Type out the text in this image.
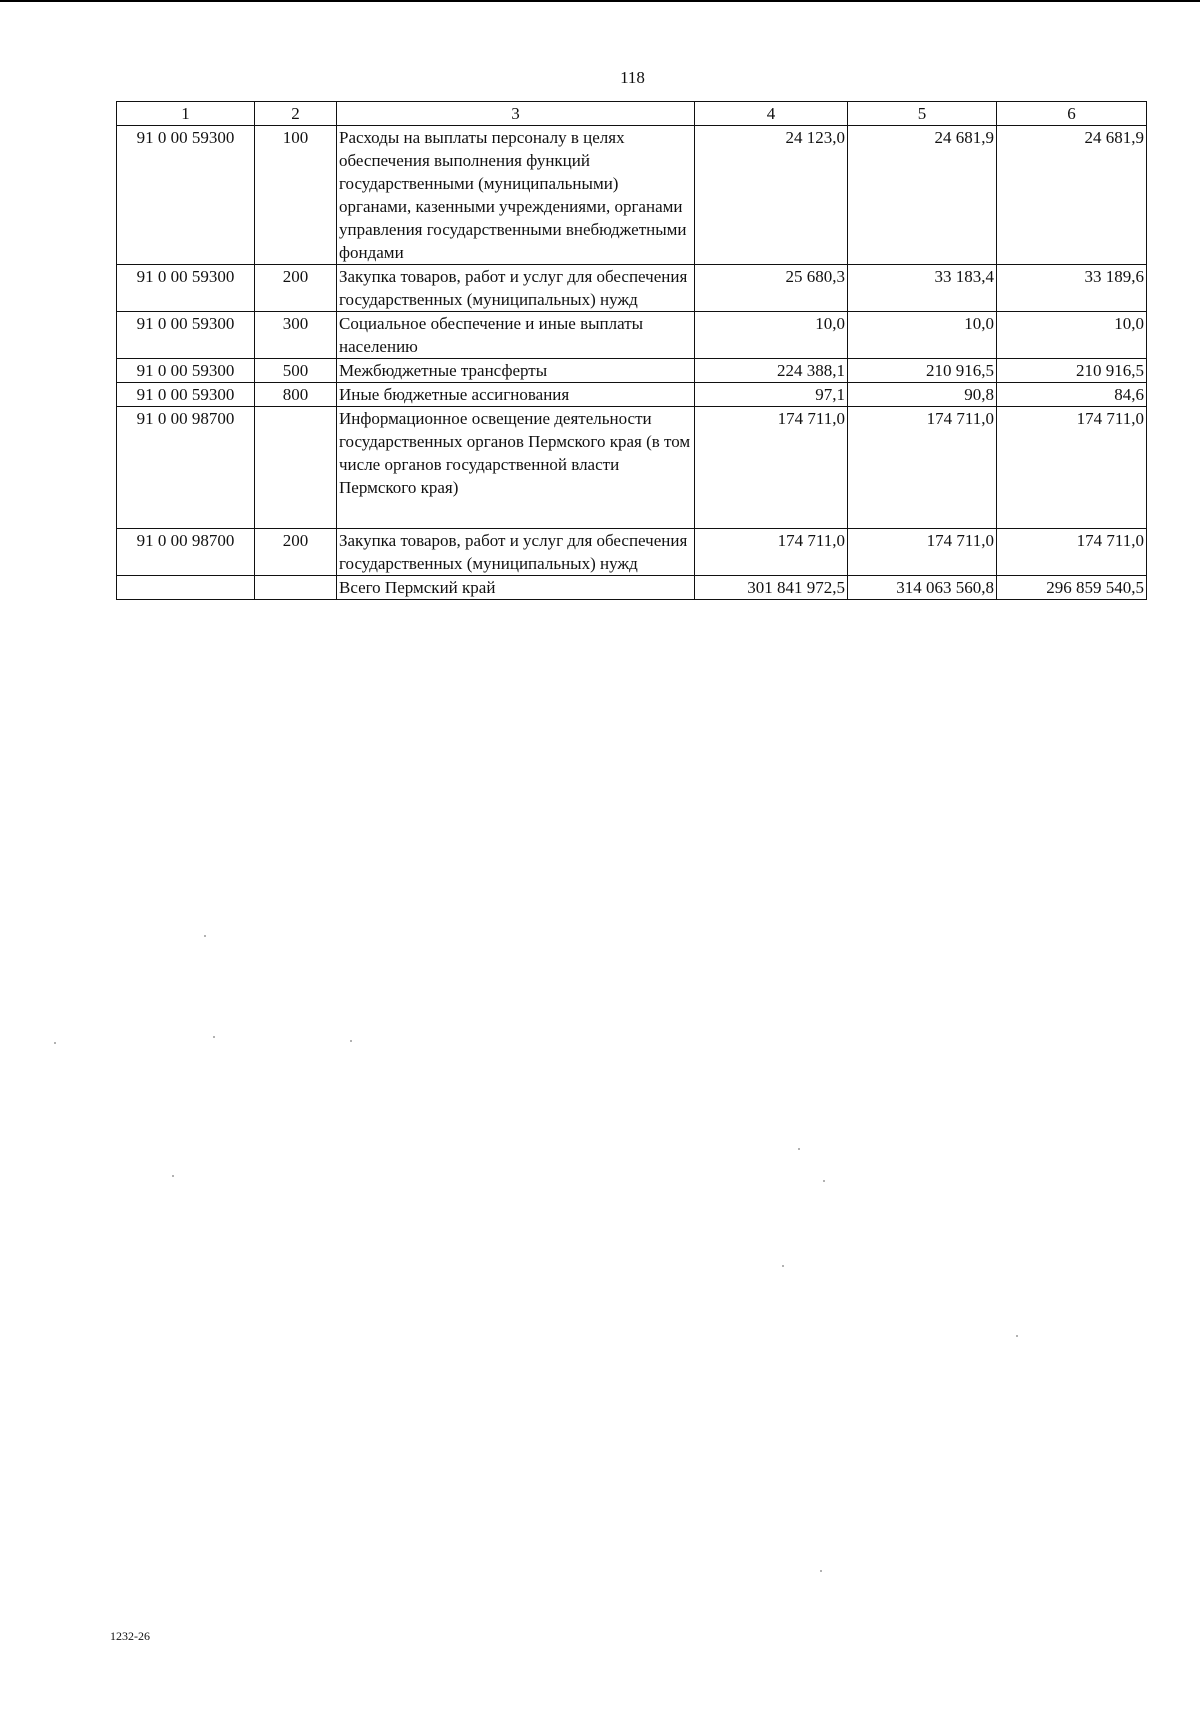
118
1	2	3	4	5	6
91 0 00 59300	100	Расходы на выплаты персоналу в целях обеспечения выполнения функций государственными (муниципальными) органами, казенными учреждениями, органами управления государственными внебюджетными фондами	24 123,0	24 681,9	24 681,9
91 0 00 59300	200	Закупка товаров, работ и услуг для обеспечения государственных (муниципальных) нужд	25 680,3	33 183,4	33 189,6
91 0 00 59300	300	Социальное обеспечение и иные выплаты населению	10,0	10,0	10,0
91 0 00 59300	500	Межбюджетные трансферты	224 388,1	210 916,5	210 916,5
91 0 00 59300	800	Иные бюджетные ассигнования	97,1	90,8	84,6
91 0 00 98700		Информационное освещение деятельности государственных органов Пермского края (в том числе органов государственной власти Пермского края)	174 711,0	174 711,0	174 711,0
91 0 00 98700	200	Закупка товаров, работ и услуг для обеспечения государственных (муниципальных) нужд	174 711,0	174 711,0	174 711,0
		Всего Пермский край	301 841 972,5	314 063 560,8	296 859 540,5
1232-26
